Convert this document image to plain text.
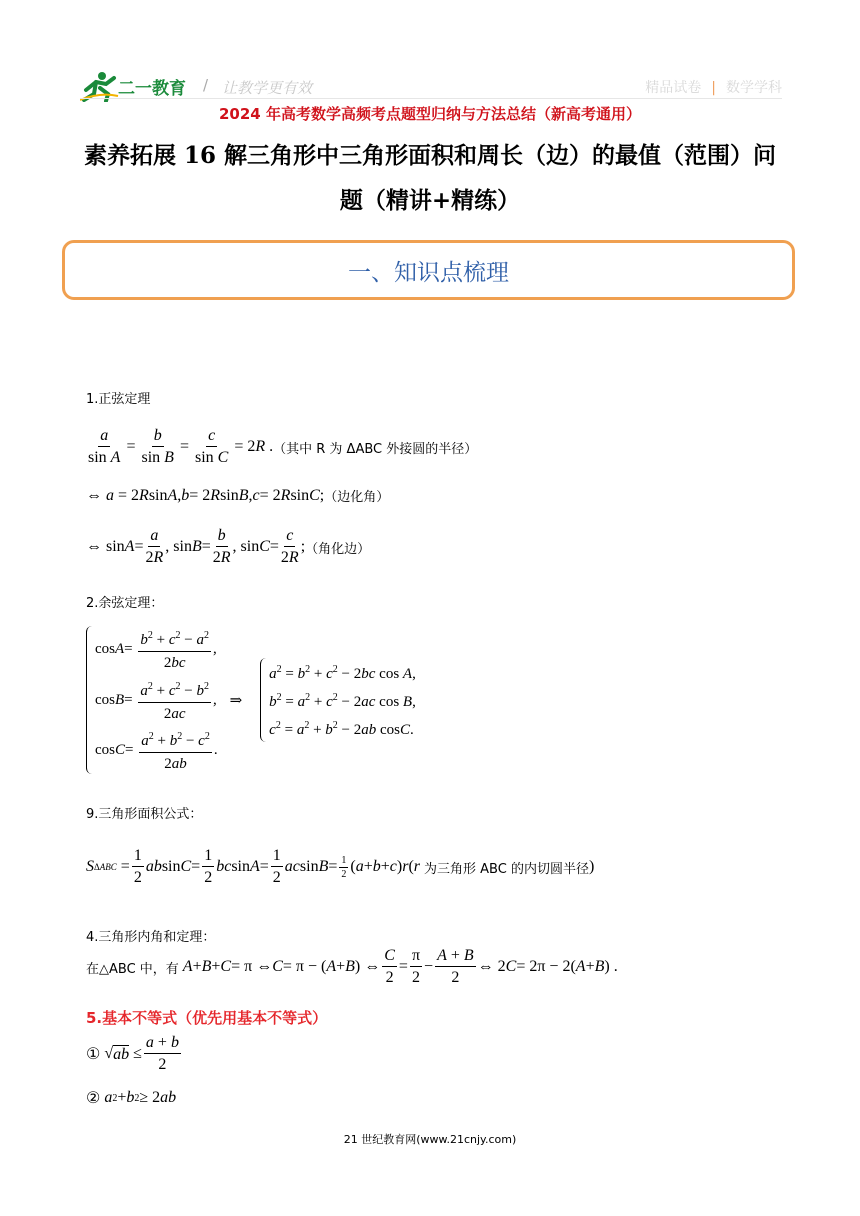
二一教育 / 让教学更有效	精品试卷 | 数学学科
2024 年高考数学高频考点题型归纳与方法总结（新高考通用）
素养拓展 16 解三角形中三角形面积和周长（边）的最值（范围）问题（精讲+精练）
一、知识点梳理
1.正弦定理
$\frac{a}{\text{sin A}} = \frac{b}{\text{sin B}} = \frac{c}{\text{sin C}} = 2R$ . （其中 R 为 ΔABC 外接圆的半径）
⇔ a = 2 R sin A , b = 2 R sin B , c = 2 R sin C ; （边化角）
⇔ $\sin A = \frac{a}{2R}$ , $\sin B = \frac{b}{2R}$ , $\sin C = \frac{c}{2R}$ ; （角化边）
2.余弦定理：
$\cos A = \frac{b^2 + c^2 - a^2}{2bc}$ ,
$\cos B = \frac{a^2 + c^2 - b^2}{2ac}$ ,
$\cos C = \frac{a^2 + b^2 - c^2}{2ab}$ .
⇒
$a^2 = b^2 + c^2 - 2bc$ cos A,
$b^2 = a^2 + c^2 - 2ac$ cos B,
$c^2 = a^2 + b^2 - 2ab$ cosC.
9.三角形面积公式：
S $\Delta ABC = \frac{1}{2}$ ab $\sin C = \frac{1}{2}$ bc $\sin A = \frac{1}{2}$ ac $\sin B = \frac{1}{2}$ ( a + b + c ) r ( r
为三角形 ABC 的内切圆半径 )
4.三角形内角和定理：
在△ABC 中，有
A + B + C = π ⇔ C = π − ( A + B ) ⇔ $\frac{C}{2} = \frac{\pi}{2} - \frac{A + B}{2}$ ⇔ 2 C = 2π − 2( A + B ) .
5.基本不等式（优先用基本不等式）
① √ ab ≤ $\frac{a + b}{2}$
②
a 2 + b 2 ≥ 2 ab
21 世纪教育网(www.21cnjy.com)
